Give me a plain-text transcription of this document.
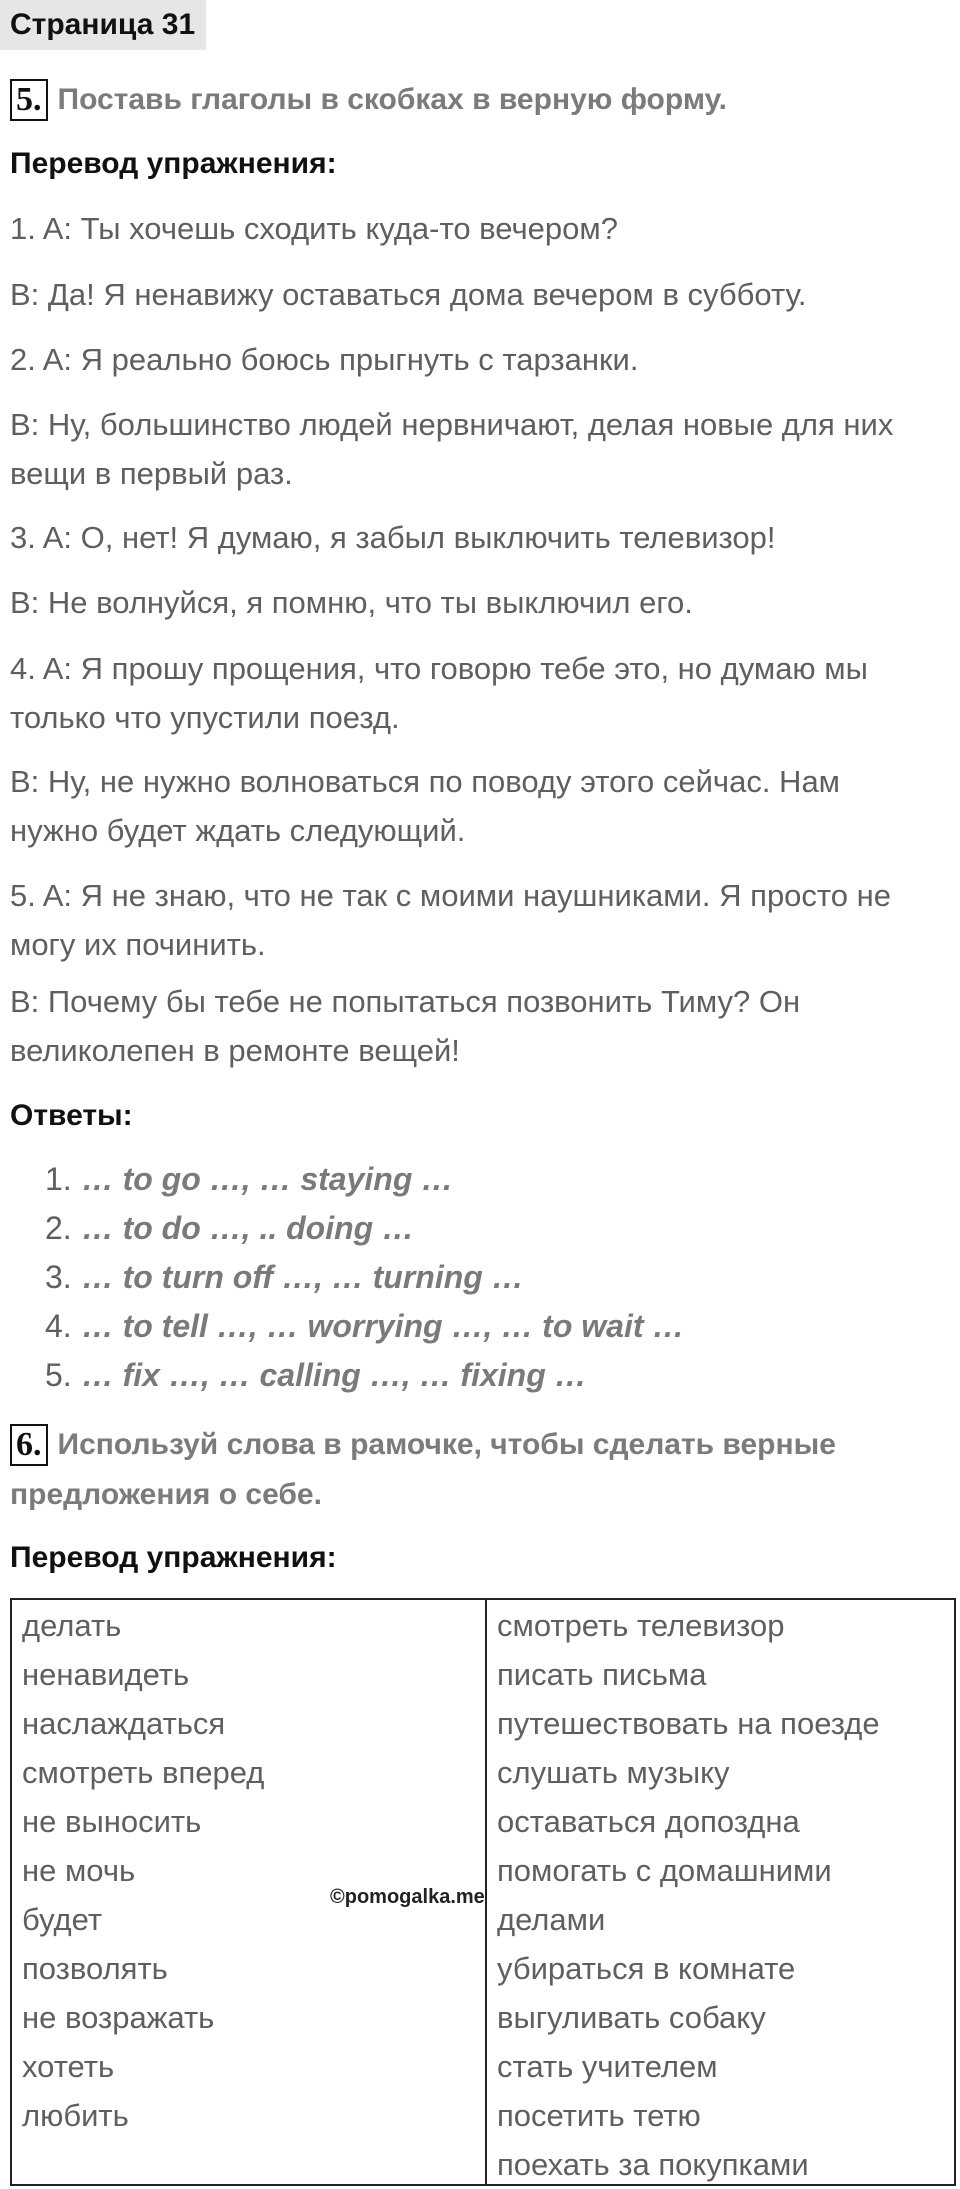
Страница 31
5. Поставь глаголы в скобках в верную форму.
Перевод упражнения:
1. A: Ты хочешь сходить куда-то вечером?
B: Да! Я ненавижу оставаться дома вечером в субботу.
2. A: Я реально боюсь прыгнуть с тарзанки.
B: Ну, большинство людей нервничают, делая новые для них
вещи в первый раз.
3. A: О, нет! Я думаю, я забыл выключить телевизор!
B: Не волнуйся, я помню, что ты выключил его.
4. A: Я прошу прощения, что говорю тебе это, но думаю мы
только что упустили поезд.
B: Ну, не нужно волноваться по поводу этого сейчас. Нам
нужно будет ждать следующий.
5. A: Я не знаю, что не так с моими наушниками. Я просто не
могу их починить.
B: Почему бы тебе не попытаться позвонить Тиму? Он
великолепен в ремонте вещей!
Ответы:
1. … to go …, … staying …
2. … to do …, .. doing …
3. … to turn off …, … turning …
4. … to tell …, … worrying …, … to wait …
5. … fix …, … calling …, … fixing …
6. Используй слова в рамочке, чтобы сделать верные
предложения о себе.
Перевод упражнения:
делать
ненавидеть
наслаждаться
смотреть вперед
не выносить
не мочь
будет
позволять
не возражать
хотеть
любить
смотреть телевизор
писать письма
путешествовать на поезде
слушать музыку
оставаться допоздна
помогать с домашними
делами
убираться в комнате
выгуливать собаку
стать учителем
посетить тетю
поехать за покупками
©pomogalka.me
